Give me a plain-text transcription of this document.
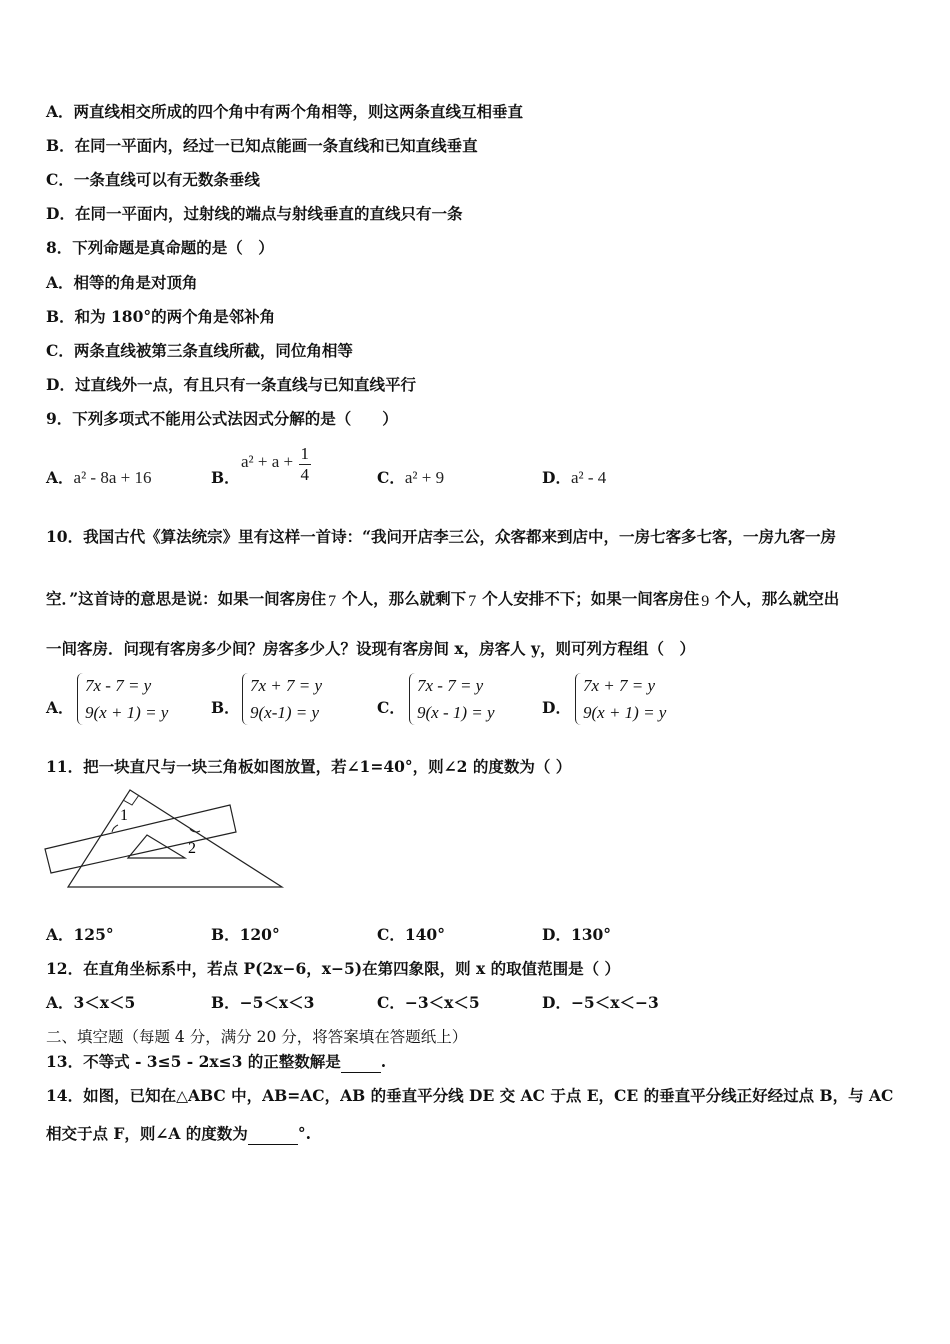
A．两直线相交所成的四个角中有两个角相等，则这两条直线互相垂直
B．在同一平面内，经过一已知点能画一条直线和已知直线垂直
C．一条直线可以有无数条垂线
D．在同一平面内，过射线的端点与射线垂直的直线只有一条
8．下列命题是真命题的是（　）
A．相等的角是对顶角
B．和为 180°的两个角是邻补角
C．两条直线被第三条直线所截，同位角相等
D．过直线外一点，有且只有一条直线与已知直线平行
9．下列多项式不能用公式法因式分解的是（　　）
A．a² - 8a + 16	B．
$a^2 + a + \frac{1}{4}$	C．a² + 9	D．a² - 4
10．我国古代《算法统宗》里有这样一首诗：“我问开店李三公，众客都来到店中，一房七客多七客，一房九客一房
空．”这首诗的意思是说：如果一间客房住 7 个人，那么就剩下 7 个人安排不下；如果一间客房住 9 个人，那么就空出
一间客房．问现有客房多少间？房客多少人？设现有客房间 x，房客人 y，则可列方程组（　）
A．
7x - 7 = y
9(x + 1) = y	B．
7x + 7 = y
9(x-1) = y	C．
7x - 7 = y
9(x - 1) = y	D．
7x + 7 = y
9(x + 1) = y
11．把一块直尺与一块三角板如图放置，若∠1=40°，则∠2 的度数为（ ）
1
2
A．125°	B．120°	C．140°	D．130°
12．在直角坐标系中，若点 P(2x−6，x−5)在第四象限，则 x 的取值范围是（ ）
A．3＜x＜5	B．−5＜x＜3	C．−3＜x＜5	D．−5＜x＜−3
二、填空题（每题 4 分，满分 20 分，将答案填在答题纸上）
13．不等式 - 3≤5 - 2x≤3 的正整数解是	.
14．如图，已知在△ABC 中，AB=AC，AB 的垂直平分线 DE 交 AC 于点 E，CE 的垂直平分线正好经过点 B，与 AC
相交于点 F，则∠A 的度数为	°.
